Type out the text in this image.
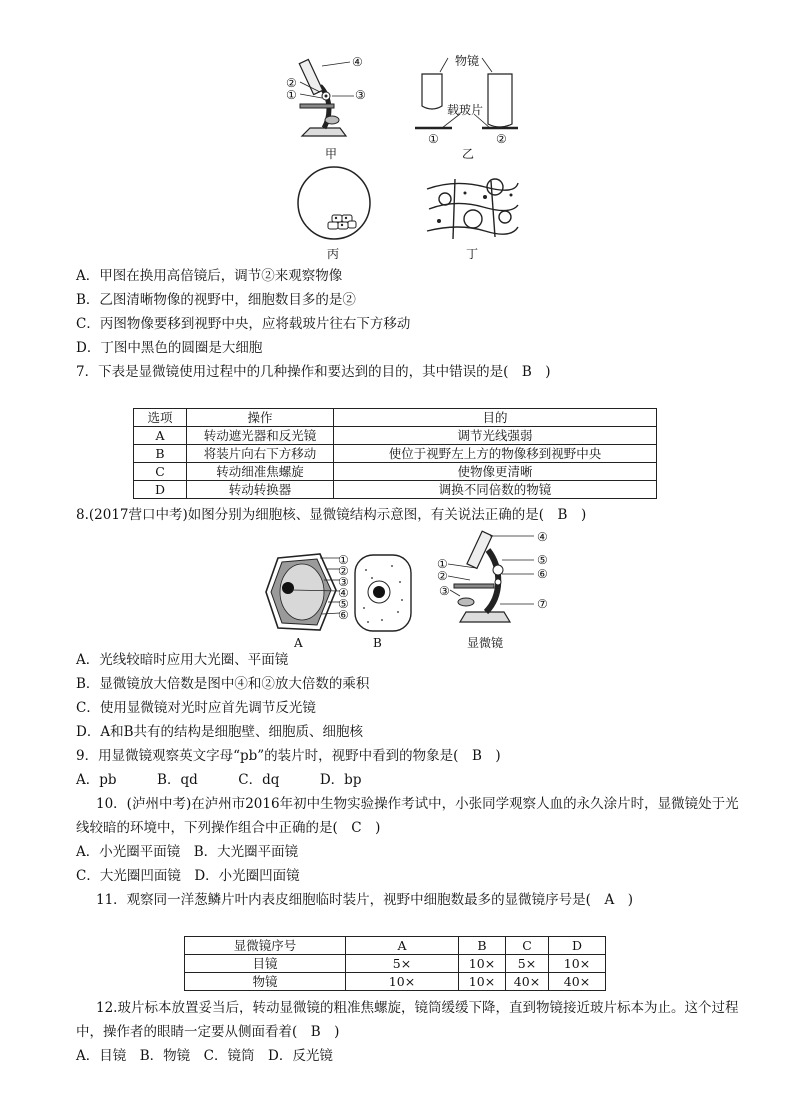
④
②
①	③
甲
物镜
载玻片
①	②
乙
丙	丁
A．甲图在换用高倍镜后，调节②来观察物像
B．乙图清晰物像的视野中，细胞数目多的是②
C．丙图物像要移到视野中央，应将载玻片往右下方移动
D．丁图中黑色的圆圈是大细胞
7．下表是显微镜使用过程中的几种操作和要达到的目的，其中错误的是(　B　)
选项	操作	目的
A	转动遮光器和反光镜	调节光线强弱
B	将装片向右下方移动	使位于视野左上方的物像移到视野中央
C	转动细准焦螺旋	使物像更清晰
D	转动转换器	调换不同倍数的物镜
8.(2017营口中考)如图分别为细胞核、显微镜结构示意图，有关说法正确的是(　B　)
①
②
③
④
⑤
⑥
A	B
④
①	⑤
②	⑥
③
⑦
显微镜
A．光线较暗时应用大光圈、平面镜
B．显微镜放大倍数是图中④和②放大倍数的乘积
C．使用显微镜对光时应首先调节反光镜
D．A和B共有的结构是细胞壁、细胞质、细胞核
9．用显微镜观察英文字母“pb”的装片时，视野中看到的物象是(　B　)
A．pb　　　B．qd　　　C．dq　　　D．bp
10．(泸州中考)在泸州市2016年初中生物实验操作考试中，小张同学观察人血的永久涂片时，显微镜处于光
线较暗的环境中，下列操作组合中正确的是(　C　)
A．小光圈平面镜　B．大光圈平面镜
C．大光圈凹面镜　D．小光圈凹面镜
11．观察同一洋葱鳞片叶内表皮细胞临时装片，视野中细胞数最多的显微镜序号是(　A　)
显微镜序号	A	B	C	D
目镜	5×	10×	5×	10×
物镜	10×	10×	40×	40×
12.玻片标本放置妥当后，转动显微镜的粗准焦螺旋，镜筒缓缓下降，直到物镜接近玻片标本为止。这个过程
中，操作者的眼睛一定要从侧面看着(　B　)
A．目镜　B．物镜　C．镜筒　D．反光镜
